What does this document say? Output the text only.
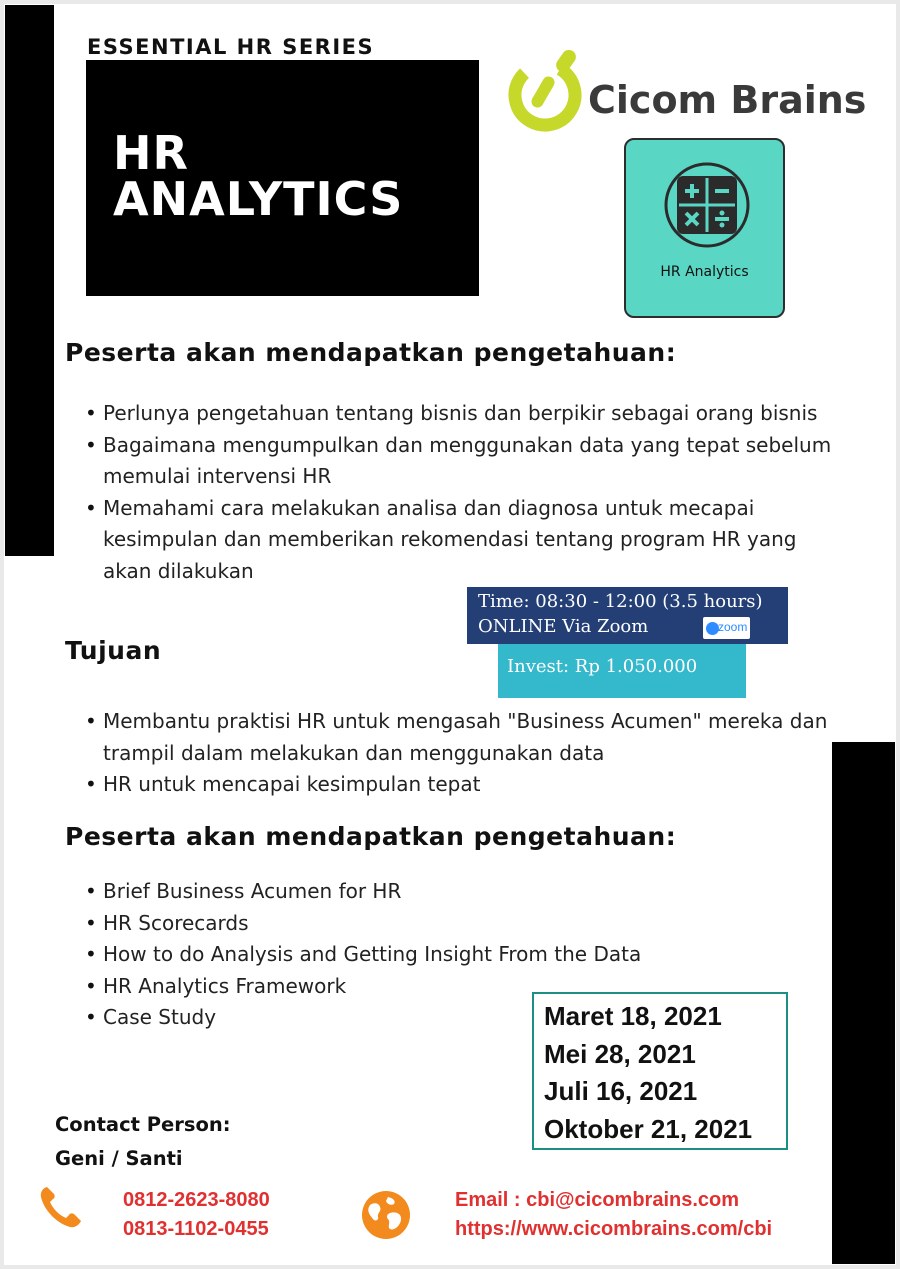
ESSENTIAL HR SERIES
HR
ANALYTICS
Cicom Brains
HR Analytics
Peserta akan mendapatkan pengetahuan:
• Perlunya pengetahuan tentang bisnis dan berpikir sebagai orang bisnis
• Bagaimana mengumpulkan dan menggunakan data yang tepat sebelum memulai intervensi HR
• Memahami cara melakukan analisa dan diagnosa untuk mecapai kesimpulan dan memberikan rekomendasi tentang program HR yang akan dilakukan
Time: 08:30 - 12:00 (3.5 hours)
ONLINE Via Zoom	zoom
Invest: Rp 1.050.000
Tujuan
• Membantu praktisi HR untuk mengasah "Business Acumen" mereka dan trampil dalam melakukan dan menggunakan data
• HR untuk mencapai kesimpulan tepat
Peserta akan mendapatkan pengetahuan:
• Brief Business Acumen for HR
• HR Scorecards
• How to do Analysis and Getting Insight From the Data
• HR Analytics Framework
• Case Study	Maret 18, 2021
Mei 28, 2021
Juli 16, 2021
Oktober 21, 2021
Contact Person:
Geni / Santi
0812-2623-8080
0813-1102-0455
Email : cbi@cicombrains.com
https://www.cicombrains.com/cbi
